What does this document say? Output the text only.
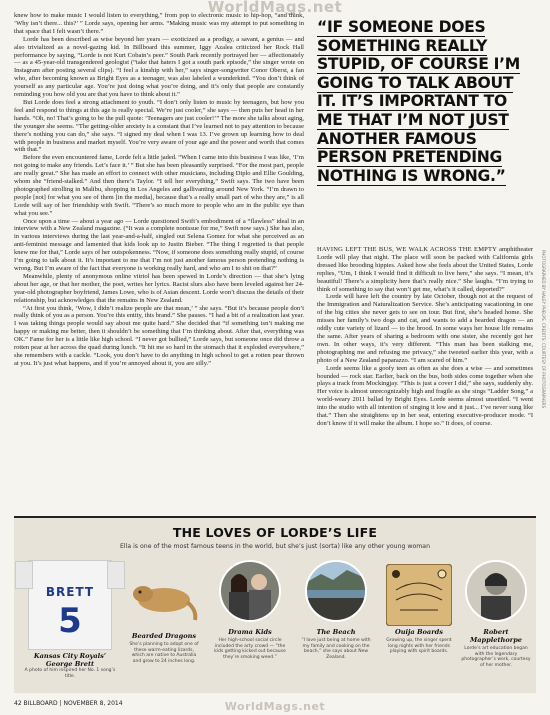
WorldMags.net

knew how to make music I would listen to everything,” from pop to electronic music to hip-hop, “and think, ‘Why isn’t there... this?’ ” Lorde says, opening her arms. “Making music was my attempt to put something in that space that I felt wasn’t there.”

Lorde has been described as wise beyond her years — exoticized as a prodigy, a savant, a genius — and also trivialized as a novel-gazing kid. In Billboard this summer, Iggy Azalea criticized her Rock Hall performance by saying, “Lorde is not Kurt Cobain’s peer.” South Park recently portrayed her — affectionately — as a 45-year-old transgendered geologist (“take that haters I got a south park episode,” the singer wrote on Instagram after posting several clips). “I feel a kinship with her,” says singer-songwriter Conor Oberst, a fan who, after becoming known as Bright Eyes as a teenager, was also labeled a wunderkind. “You don’t think of yourself as any particular age. You’re just doing what you’re doing, and it’s only that people are constantly reminding you how old you are that you have to think about it.”

But Lorde does feel a strong attachment to youth. “I don’t only listen to music by teenagers, but how you feel and respond to things at this age is really special. We’re just cooler,” she says — then puts her head in her hands. “Oh, no! That’s going to be the pull quote: ‘Teenagers are just cooler!’” The more she talks about aging, the younger she seems. “The getting-older anxiety is a constant that I’ve learned not to pay attention to because there’s nothing you can do,” she says. “I signed my deal when I was 13. I’ve grown up learning how to deal with people in business and market myself. You’re very aware of your age and the power and worth that comes with that.”

Before the even encountered fame, Lorde felt a little jaded. “When I came into this business I was like, ‘I’m not going to make any friends. Let’s face it.’ ” But she has been pleasantly surprised. “For the most part, people are really great.” She has made an effort to connect with other musicians, including Diplo and Ellie Goulding, whom she “friend-stalked.” And then there’s Taylor. “I tell her everything,” Swift says. The two have been photographed strolling in Malibu, shopping in Los Angeles and gallivanting around New York. “I’m drawn to people [not] for what you see of them [in the media], because that’s a really small part of who they are,” is all Lorde will say of her friendship with Swift. “There’s so much more to people who are in the public eye than what you see.”

Once upon a time — about a year ago — Lorde questioned Swift’s embodiment of a “flawless” ideal in an interview with a New Zealand magazine. (“It was a complete nonissue for me,” Swift now says.) She has also, in various interviews during the last year-and-a-half, singled out Selena Gomez for what she perceived as an anti-feminist message and lamented that kids look up to Justin Bieber. “The thing I regretted is that people knew me for that,” Lorde says of her outspokenness. “Now, if someone does something really stupid, of course I’m going to talk about it. It’s important to me that I’m not just another famous person pretending nothing is wrong. But I’m aware of the fact that everyone is working really hard, and who am I to shit on that?”

Meanwhile, plenty of anonymous online vitriol has been spewed in Lorde’s direction — that she’s lying about her age, or that her mother, the poet, writes her lyrics. Racist slurs also have been leveled against her 24-year-old photographer boyfriend, James Lowe, who is of Asian descent. Lorde won’t discuss the details of their relationship, but acknowledges that the remains in New Zealand.

“At first you think, ‘Wow, I didn’t realize people are that mean,’ ” she says. “But it’s because people don’t really think of you as a person. You’re this entity, this brand.” She pauses. “I had a bit of a realization last year. I was taking things people would say about me quite hard.” She decided that “if something isn’t making me happy or making me better, then it shouldn’t be something that I’m thinking about. After that, everything was OK.” Fame for her is a little like high school. “I never got bullied,” Lorde says, but someone once did throw a rotten pear at her across the quad during lunch. “It hit me so hard in the stomach that it exploded everywhere,” she remembers with a cackle. “Look, you don’t have to do anything in high school to get a rotten pear thrown at you. It’s just what happens, and if you’re annoyed about it, you are silly.”

“IF SOMEONE DOES SOMETHING REALLY STUPID, OF COURSE I’M GOING TO TALK ABOUT IT. IT’S IMPORTANT TO ME THAT I’M NOT JUST ANOTHER FAMOUS PERSON PRETENDING NOTHING IS WRONG.”

HAVING LEFT THE BUS, WE WALK ACROSS THE EMPTY amphitheater Lorde will play that night. The place will soon be packed with California girls dressed like brooding hippies. Asked how she feels about the United States, Lorde replies, “Um, I think I would find it difficult to live here,” she says. “I mean, it’s beautiful! There’s a simplicity here that’s really nice.” She laughs. “I’m trying to think of something to say that won’t get me, what’s it called, deported?”

Lorde will have left the country by late October, though not at the request of the Immigration and Naturalization Service. She’s anticipating vacationing in one of the big cities she never gets to see on tour. But first, she’s headed home. She misses her family’s two dogs and cat, and wants to add a bearded dragon — an oddly cute variety of lizard — to the brood. In some ways her house life remains the same. After years of sharing a bedroom with one sister, she recently got her own. In other ways, it’s very different. “This man has been stalking me, photographing me and refusing me privacy,” she tweeted earlier this year, with a photo of a New Zealand paparazzo. “I am scared of him.”

Lorde seems like a goofy teen as often as she does a wise — and sometimes bounded — rock star. Earlier, back on the bus, both sides come together when she plays a track from Mockingjay. “This is just a cover I did,” she says, suddenly shy. Her voice is almost unrecognizably high and fragile as she sings “Ladder Song,” a world-weary 2011 ballad by Bright Eyes. Lorde seems almost unsettled. “I went into the studio with all intention of singing it low and it just... I’ve never sung like that.” Then she straightens up in her seat, entering executive-producer mode. “I don’t know if it will make the album. I hope so.” It does, of course.

PHOTOGRAPHED BY HALEY PHELPS. CREDITS: COURTESY OF PHOTOGRAPHERS
THE LOVES OF LORDE’S LIFE
Ella is one of the most famous teens in the world, but she’s just (sorta) like any other young woman
BRETT
5
Kansas City Royals’ George Brett
A photo of him inspired her No. 1 song’s title.
Bearded Dragons
She’s planning to adopt one of these warm-eating lizards, which are native to Australia and grow to 24 inches long.
Drama Kids
Her high-school social circle included the arty crowd — “the kids getting kicked out because they’re smoking weed.”
The Beach
“I love just being at home with my family and cooking on the beach,” she says about New Zealand.
Ouija Boards
Growing up, the singer spent long nights with her friends playing with spirit boards.
Robert Mapplethorpe
Lorde’s art education began with the legendary photographer’s work, courtesy of her mother.
42 BILLBOARD | NOVEMBER 8, 2014	WorldMags.net
